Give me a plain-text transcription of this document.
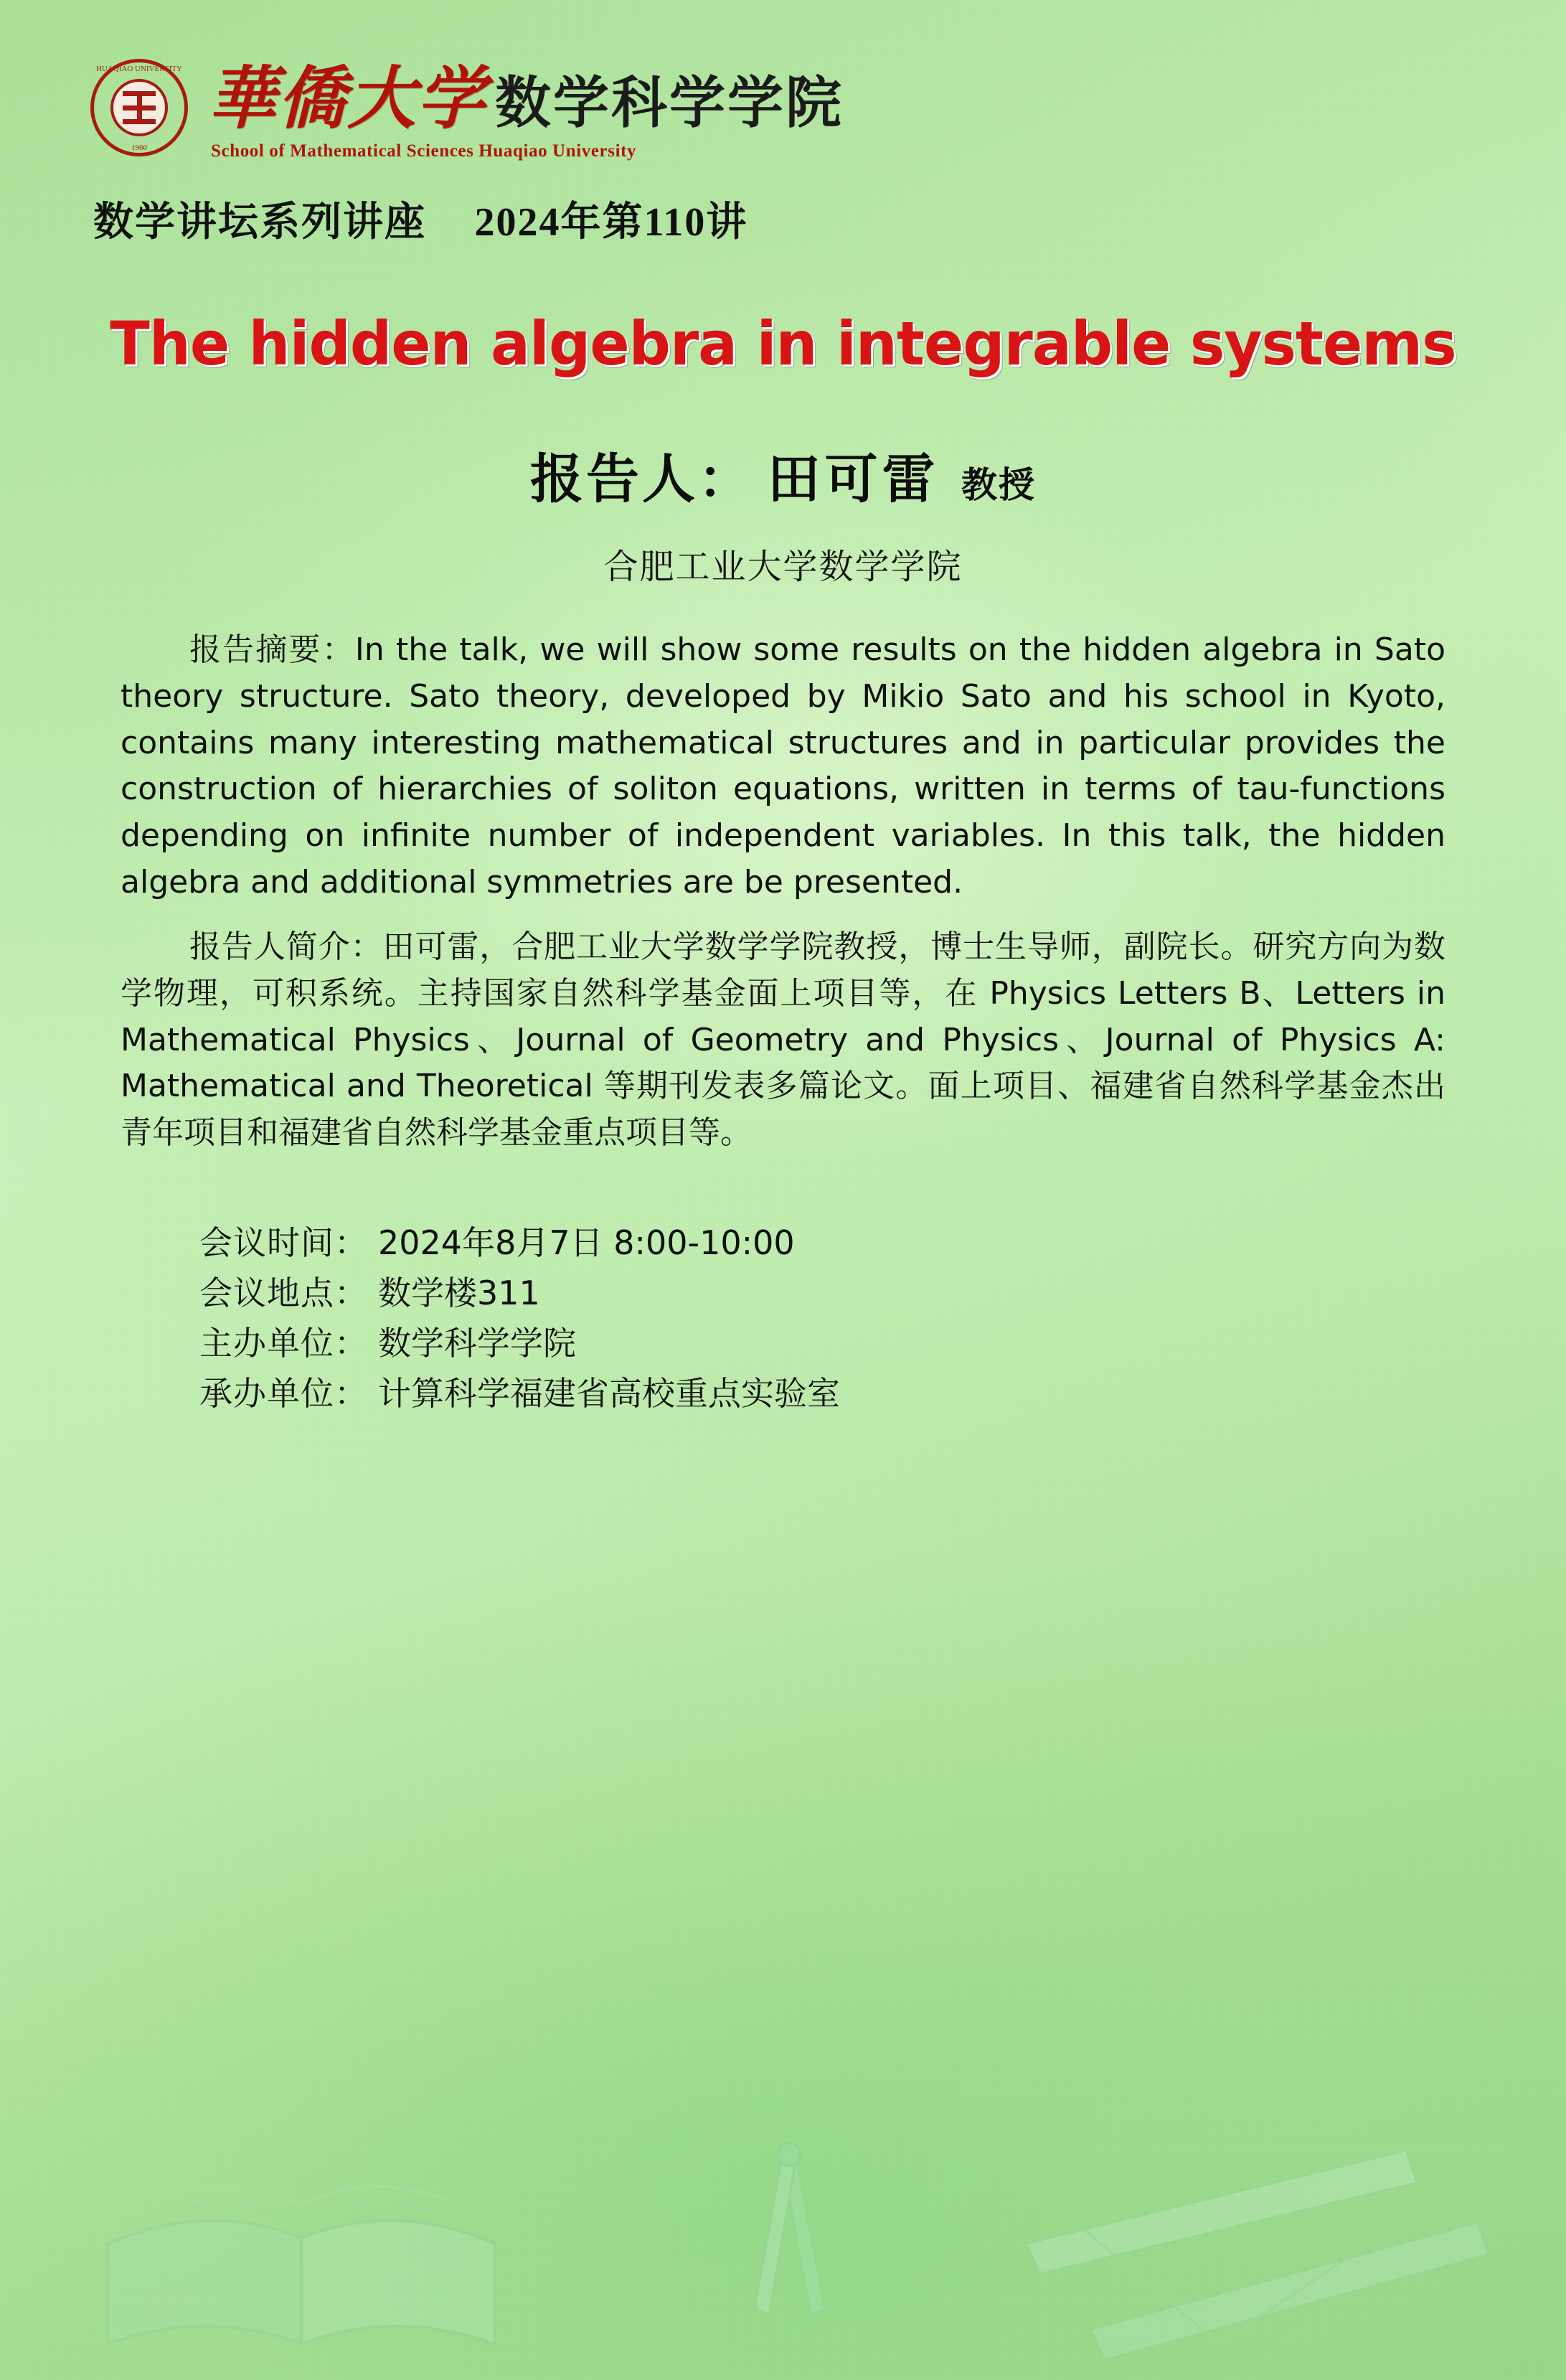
HUAQIAO UNIVERSITY
1960
華僑大学 数学科学学院
School of Mathematical Sciences Huaqiao University
数学讲坛系列讲座 2024年第110讲
The hidden algebra in integrable systems
报告人： 田可雷 教授
合肥工业大学数学学院

报告摘要：In the talk, we will show some results on the hidden algebra in Sato theory structure. Sato theory, developed by Mikio Sato and his school in Kyoto, contains many interesting mathematical structures and in particular provides the construction of hierarchies of soliton equations, written in terms of tau-functions depending on infinite number of independent variables. In this talk, the hidden algebra and additional symmetries are be presented.

报告人简介：田可雷，合肥工业大学数学学院教授，博士生导师，副院长。研究方向为数学物理，可积系统。主持国家自然科学基金面上项目等，在 Physics Letters B、Letters in Mathematical Physics、Journal of Geometry and Physics、Journal of Physics A: Mathematical and Theoretical 等期刊发表多篇论文。面上项目、福建省自然科学基金杰出青年项目和福建省自然科学基金重点项目等。

会议时间： 2024年8月7日 8:00-10:00
会议地点： 数学楼311
主办单位： 数学科学学院
承办单位： 计算科学福建省高校重点实验室
